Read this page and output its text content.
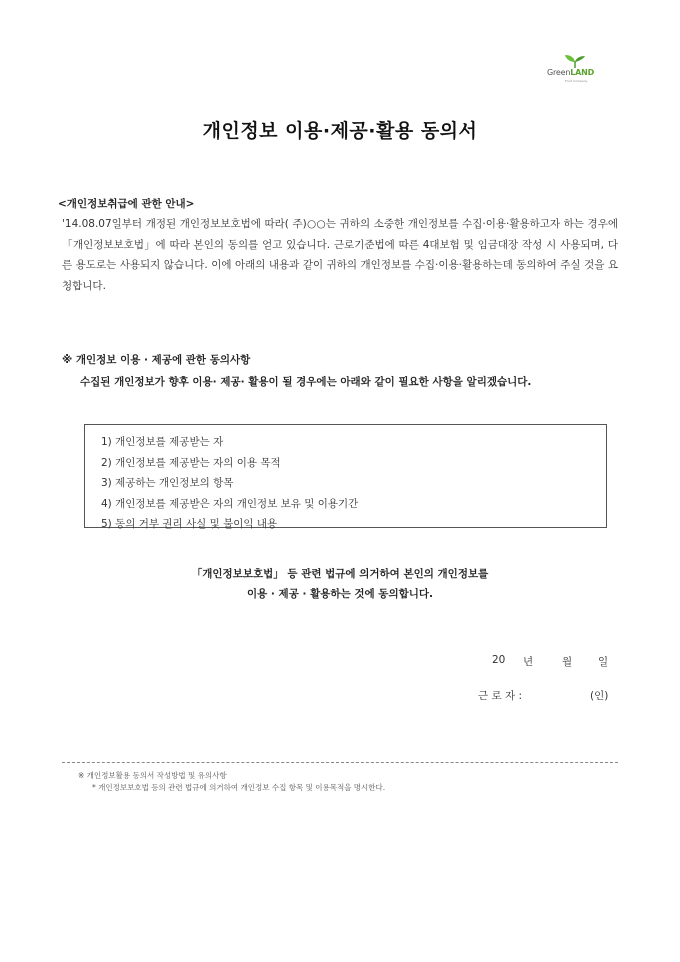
GreenLAND
Food Company
개인정보 이용·제공·활용 동의서
<개인정보취급에 관한 안내>
'14.08.07일부터 개정된 개인정보보호법에 따라( 주)○○는 귀하의 소중한 개인정보를 수집·이용·활용하고자 하는 경우에 「개인정보보호법」에 따라 본인의 동의를 얻고 있습니다. 근로기준법에 따른 4대보험 및 임금대장 작성 시 사용되며, 다른 용도로는 사용되지 않습니다. 이에 아래의 내용과 같이 귀하의 개인정보를 수집·이용·활용하는데 동의하여 주실 것을 요청합니다.
※ 개인정보 이용 · 제공에 관한 동의사항
수집된 개인정보가 향후 이용· 제공· 활용이 될 경우에는 아래와 같이 필요한 사항을 알리겠습니다.
1) 개인정보를 제공받는 자
2) 개인정보를 제공받는 자의 이용 목적
3) 제공하는 개인정보의 항목
4) 개인정보를 제공받은 자의 개인정보 보유 및 이용기간
5) 동의 거부 권리 사실 및 불이익 내용
「개인정보보호법」 등 관련 법규에 의거하여 본인의 개인정보를
이용 · 제공 · 활용하는 것에 동의합니다.
20 년	월 일
근 로 자 :	(인)
※ 개인정보활용 동의서 작성방법 및 유의사항
* 개인정보보호법 등의 관련 법규에 의거하여 개인정보 수집 항목 및 이용목적을 명시한다.
